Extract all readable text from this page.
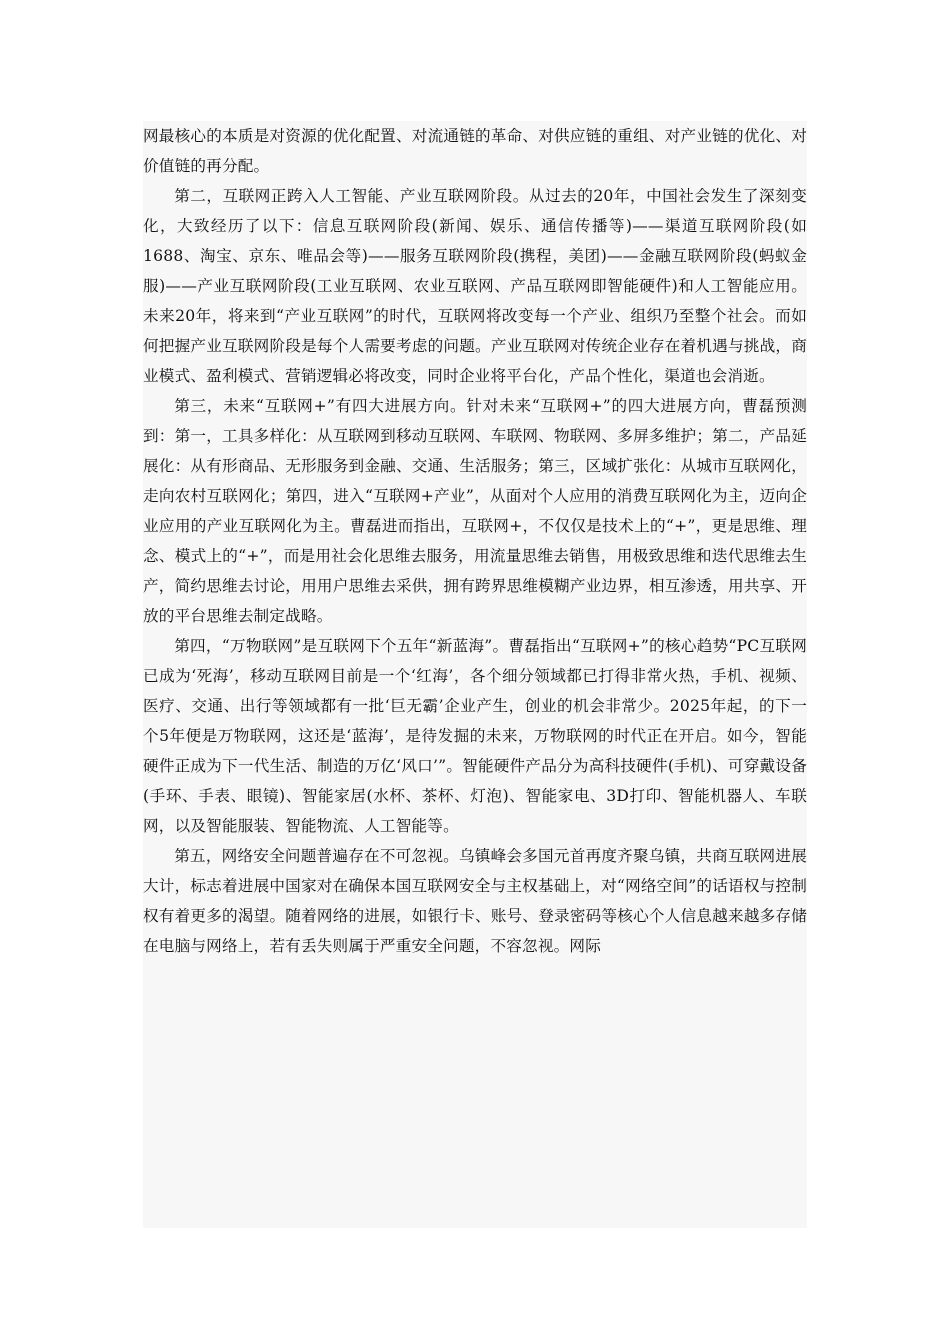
网最核心的本质是对资源的优化配置、对流通链的革命、对供应链的重组、对产业链的优化、对价值链的再分配。

第二，互联网正跨入人工智能、产业互联网阶段。从过去的20年，中国社会发生了深刻变化，大致经历了以下：信息互联网阶段(新闻、娱乐、通信传播等)——渠道互联网阶段(如1688、淘宝、京东、唯品会等)——服务互联网阶段(携程，美团)——金融互联网阶段(蚂蚁金服)——产业互联网阶段(工业互联网、农业互联网、产品互联网即智能硬件)和人工智能应用。未来20年，将来到“产业互联网”的时代，互联网将改变每一个产业、组织乃至整个社会。而如何把握产业互联网阶段是每个人需要考虑的问题。产业互联网对传统企业存在着机遇与挑战，商业模式、盈利模式、营销逻辑必将改变，同时企业将平台化，产品个性化，渠道也会消逝。

第三，未来“互联网+”有四大进展方向。针对未来“互联网+”的四大进展方向，曹磊预测到：第一，工具多样化：从互联网到移动互联网、车联网、物联网、多屏多维护；第二，产品延展化：从有形商品、无形服务到金融、交通、生活服务；第三，区域扩张化：从城市互联网化，走向农村互联网化；第四，进入“互联网+产业”，从面对个人应用的消费互联网化为主，迈向企业应用的产业互联网化为主。曹磊进而指出，互联网+，不仅仅是技术上的“+”，更是思维、理念、模式上的“+”，而是用社会化思维去服务，用流量思维去销售，用极致思维和迭代思维去生产，简约思维去讨论，用用户思维去采供，拥有跨界思维模糊产业边界，相互渗透，用共享、开放的平台思维去制定战略。

第四，“万物联网”是互联网下个五年“新蓝海”。曹磊指出“互联网+”的核心趋势“PC互联网已成为‘死海’，移动互联网目前是一个‘红海’，各个细分领域都已打得非常火热，手机、视频、医疗、交通、出行等领域都有一批‘巨无霸’企业产生，创业的机会非常少。2025年起，的下一个5年便是万物联网，这还是‘蓝海’，是待发掘的未来，万物联网的时代正在开启。如今，智能硬件正成为下一代生活、制造的万亿‘风口’”。智能硬件产品分为高科技硬件(手机)、可穿戴设备(手环、手表、眼镜)、智能家居(水杯、茶杯、灯泡)、智能家电、3D打印、智能机器人、车联网，以及智能服装、智能物流、人工智能等。

第五，网络安全问题普遍存在不可忽视。乌镇峰会多国元首再度齐聚乌镇，共商互联网进展大计，标志着进展中国家对在确保本国互联网安全与主权基础上，对“网络空间”的话语权与控制权有着更多的渴望。随着网络的进展，如银行卡、账号、登录密码等核心个人信息越来越多存储在电脑与网络上，若有丢失则属于严重安全问题，不容忽视。网际
